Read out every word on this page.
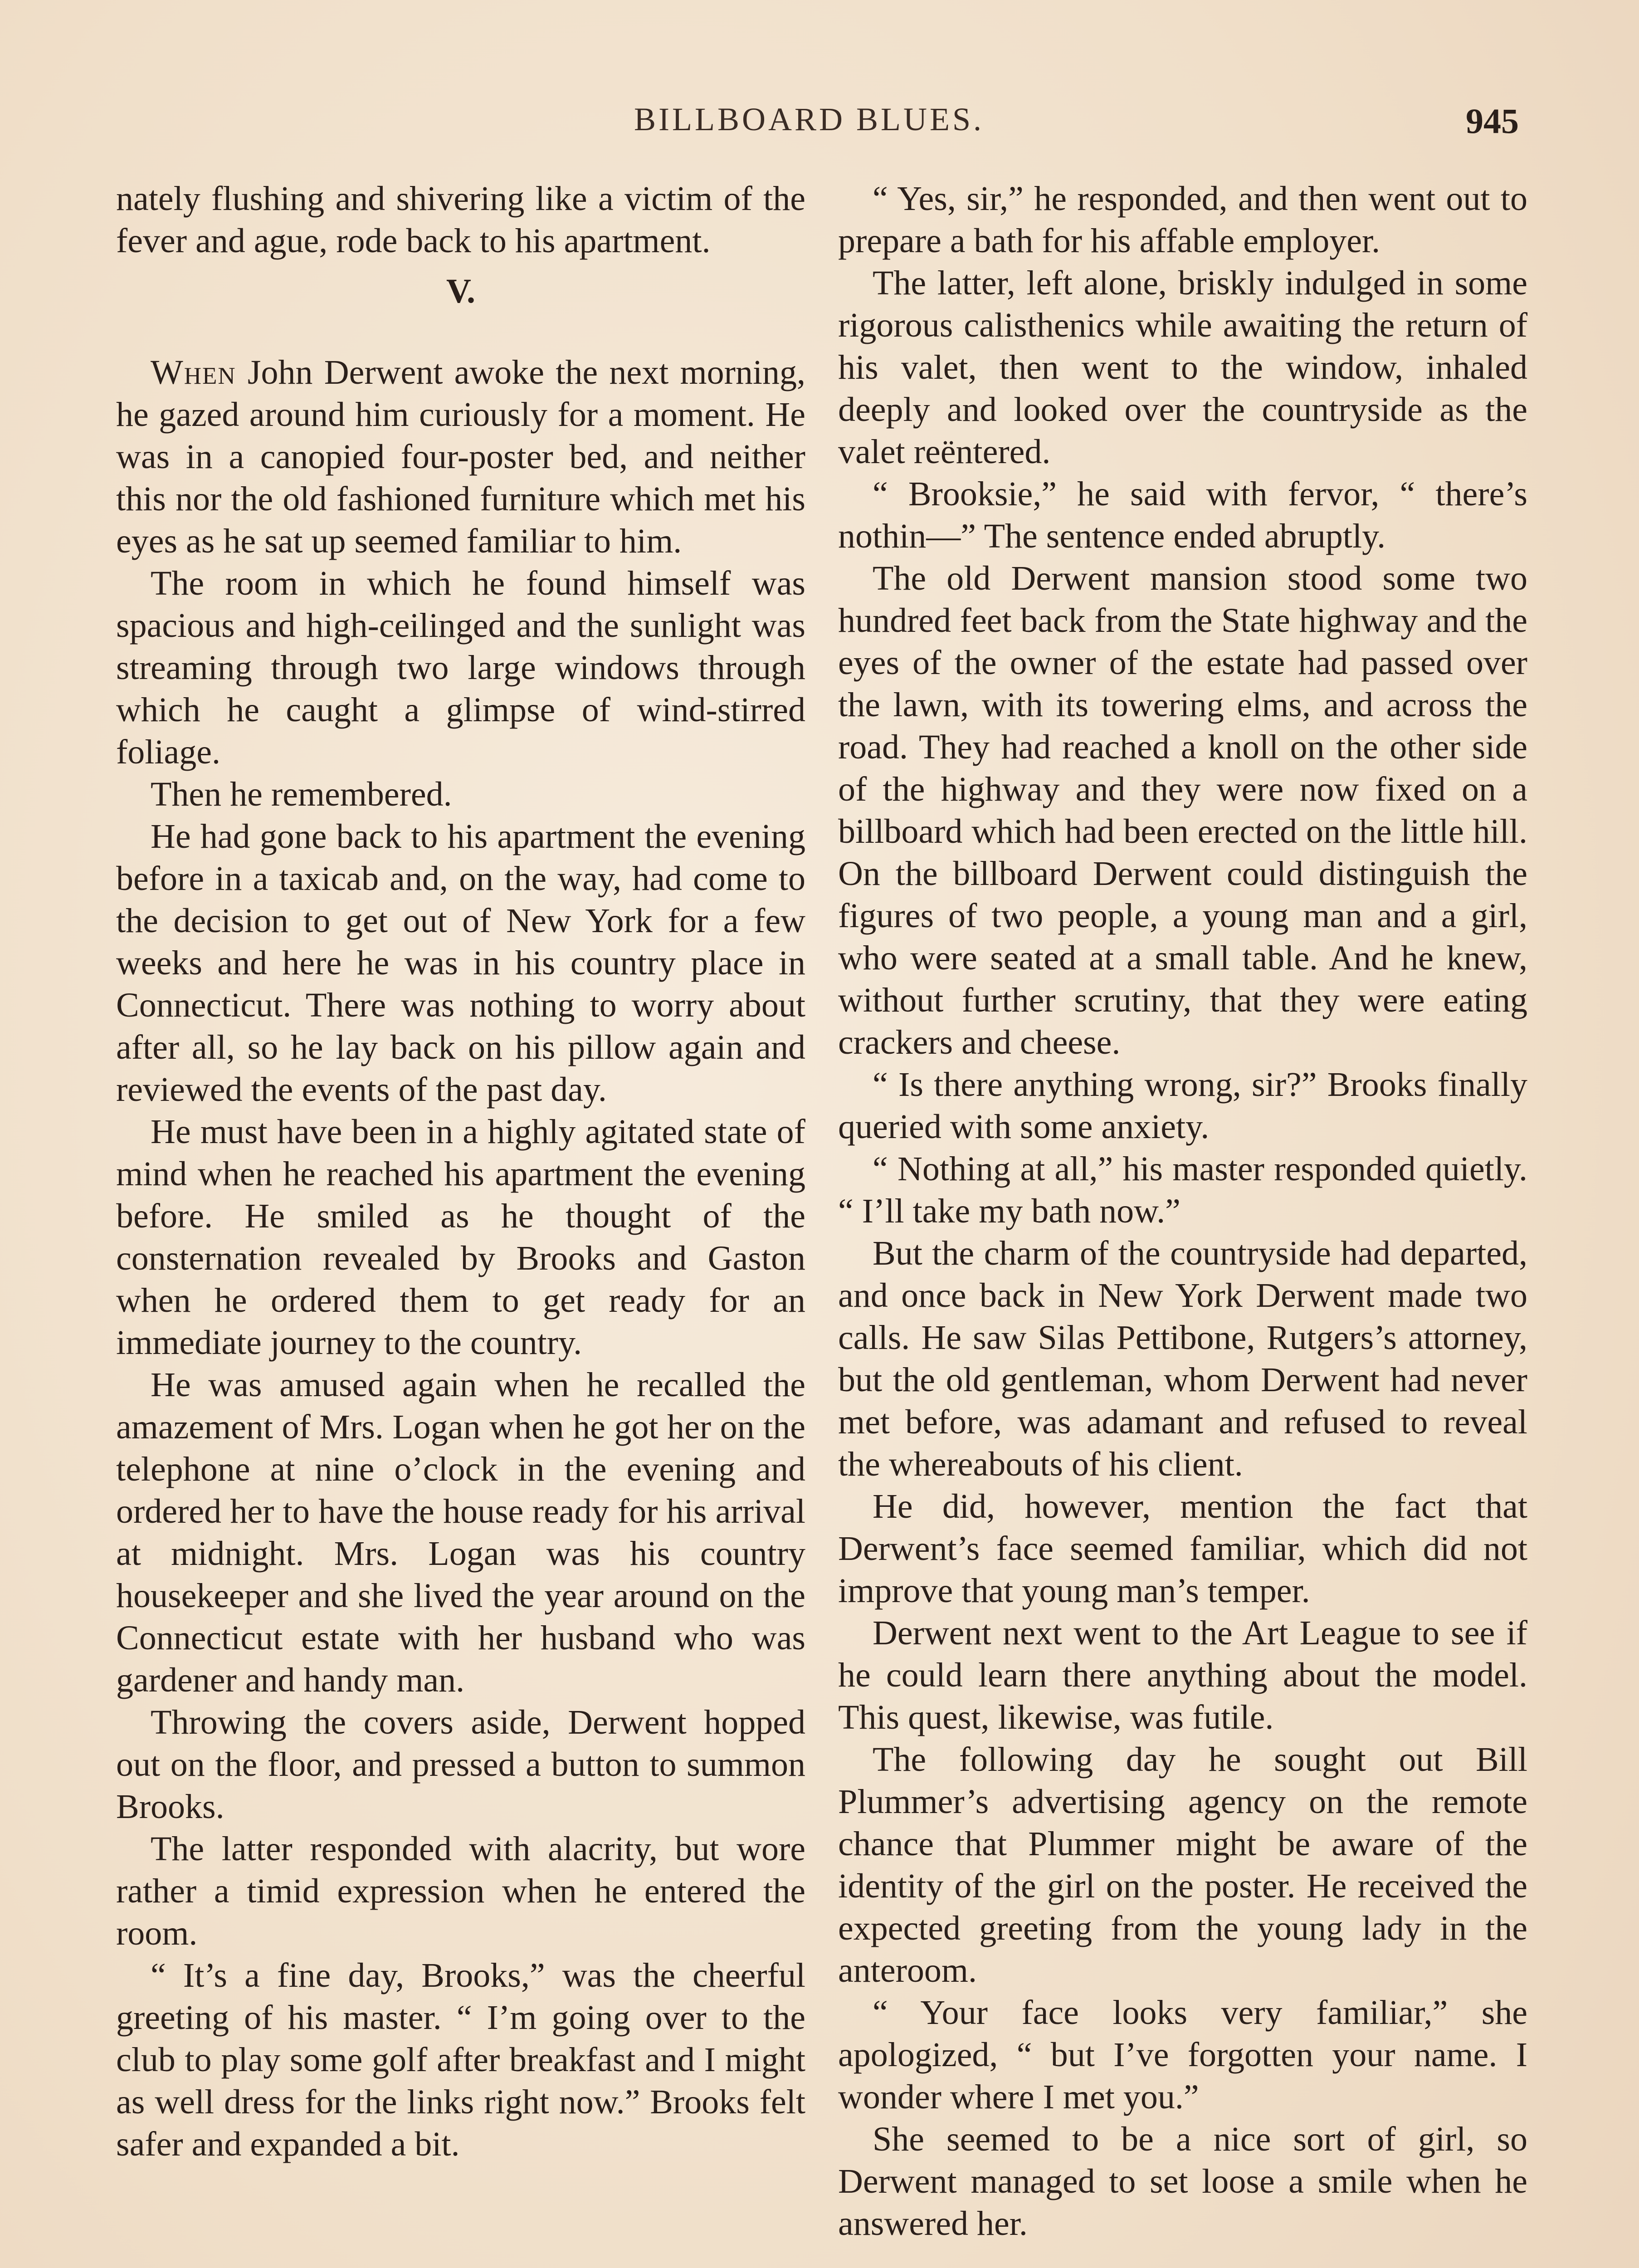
BILLBOARD BLUES.	945

nately flushing and shivering like a victim of the fever and ague, rode back to his apartment.

V.

When John Derwent awoke the next morning, he gazed around him curiously for a moment. He was in a canopied four-poster bed, and neither this nor the old fashioned furniture which met his eyes as he sat up seemed familiar to him.

The room in which he found himself was spacious and high-ceilinged and the sunlight was streaming through two large windows through which he caught a glimpse of wind-stirred foliage.

Then he remembered.

He had gone back to his apartment the evening before in a taxicab and, on the way, had come to the decision to get out of New York for a few weeks and here he was in his country place in Connecticut. There was nothing to worry about after all, so he lay back on his pillow again and reviewed the events of the past day.

He must have been in a highly agitated state of mind when he reached his apartment the evening before. He smiled as he thought of the consternation revealed by Brooks and Gaston when he ordered them to get ready for an immediate journey to the country.

He was amused again when he recalled the amazement of Mrs. Logan when he got her on the telephone at nine o’clock in the evening and ordered her to have the house ready for his arrival at midnight. Mrs. Logan was his country housekeeper and she lived the year around on the Connecticut estate with her husband who was gardener and handy man.

Throwing the covers aside, Derwent hopped out on the floor, and pressed a button to summon Brooks.

The latter responded with alacrity, but wore rather a timid expression when he entered the room.

“ It’s a fine day, Brooks,” was the cheerful greeting of his master. “ I’m going over to the club to play some golf after breakfast and I might as well dress for the links right now.” Brooks felt safer and expanded a bit.

“ Yes, sir,” he responded, and then went out to prepare a bath for his affable employer.

The latter, left alone, briskly indulged in some rigorous calisthenics while awaiting the return of his valet, then went to the window, inhaled deeply and looked over the countryside as the valet reëntered.

“ Brooksie,” he said with fervor, “ there’s nothin—” The sentence ended abruptly.

The old Derwent mansion stood some two hundred feet back from the State highway and the eyes of the owner of the estate had passed over the lawn, with its towering elms, and across the road. They had reached a knoll on the other side of the highway and they were now fixed on a billboard which had been erected on the little hill. On the billboard Derwent could distinguish the figures of two people, a young man and a girl, who were seated at a small table. And he knew, without further scrutiny, that they were eating crackers and cheese.

“ Is there anything wrong, sir?” Brooks finally queried with some anxiety.

“ Nothing at all,” his master responded quietly. “ I’ll take my bath now.”

But the charm of the countryside had departed, and once back in New York Derwent made two calls. He saw Silas Pettibone, Rutgers’s attorney, but the old gentleman, whom Derwent had never met before, was adamant and refused to reveal the whereabouts of his client.

He did, however, mention the fact that Derwent’s face seemed familiar, which did not improve that young man’s temper.

Derwent next went to the Art League to see if he could learn there anything about the model. This quest, likewise, was futile.

The following day he sought out Bill Plummer’s advertising agency on the remote chance that Plummer might be aware of the identity of the girl on the poster. He received the expected greeting from the young lady in the anteroom.

“ Your face looks very familiar,” she apologized, “ but I’ve forgotten your name. I wonder where I met you.”

She seemed to be a nice sort of girl, so Derwent managed to set loose a smile when he answered her.
